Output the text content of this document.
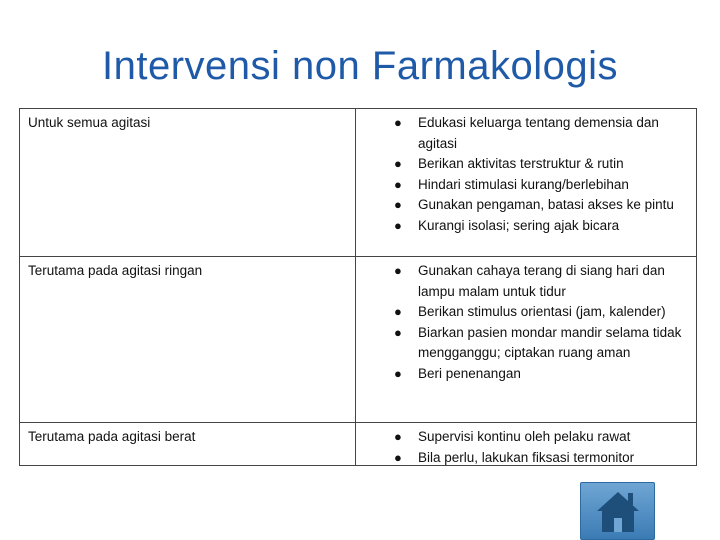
Intervensi non Farmakologis
Untuk semua agitasi	● Edukasi keluarga tentang demensia dan agitasi
● Berikan aktivitas terstruktur & rutin
● Hindari stimulasi kurang/berlebihan
● Gunakan pengaman, batasi akses ke pintu
● Kurangi isolasi; sering ajak bicara
Terutama pada agitasi ringan	● Gunakan cahaya terang di siang hari dan lampu malam untuk tidur
● Berikan stimulus orientasi (jam, kalender)
● Biarkan pasien mondar mandir selama tidak mengganggu; ciptakan ruang aman
● Beri penenangan
Terutama pada agitasi berat	● Supervisi kontinu oleh pelaku rawat
● Bila perlu, lakukan fiksasi termonitor
